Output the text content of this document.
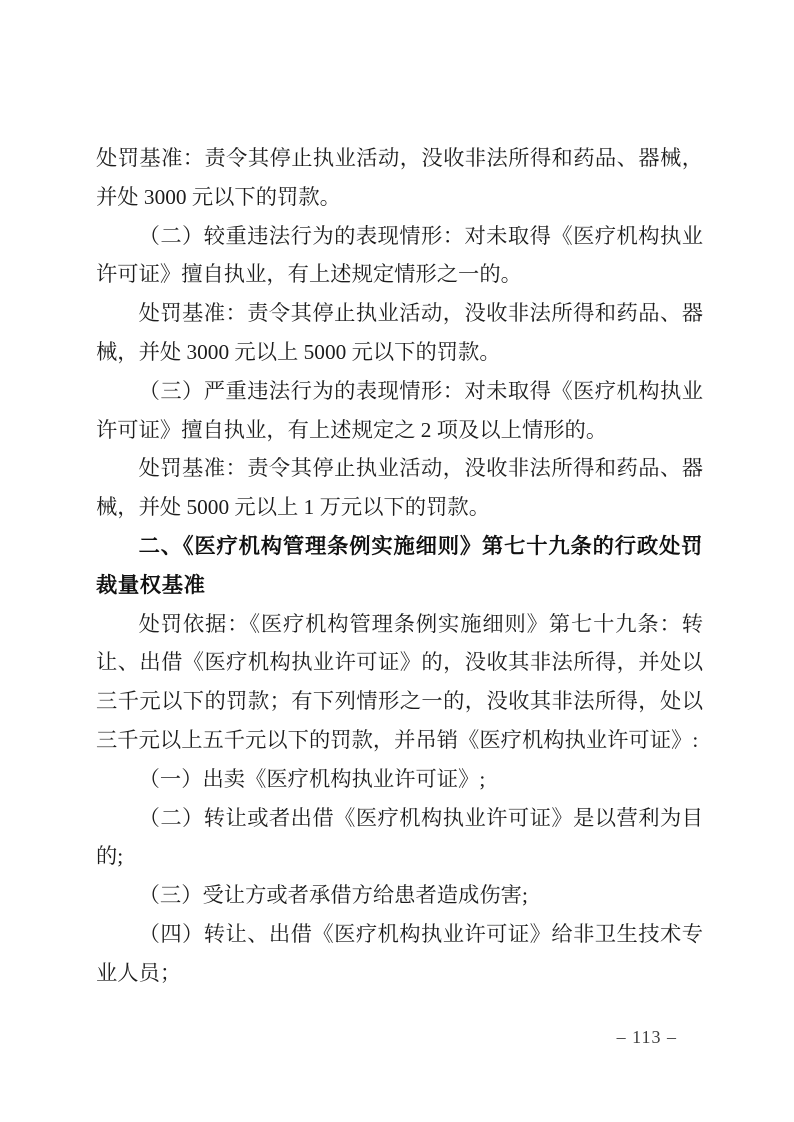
处罚基准：责令其停止执业活动，没收非法所得和药品、器械，并处 3000 元以下的罚款。

（二）较重违法行为的表现情形：对未取得《医疗机构执业许可证》擅自执业，有上述规定情形之一的。

处罚基准：责令其停止执业活动，没收非法所得和药品、器械，并处 3000 元以上 5000 元以下的罚款。

（三）严重违法行为的表现情形：对未取得《医疗机构执业许可证》擅自执业，有上述规定之 2 项及以上情形的。

处罚基准：责令其停止执业活动，没收非法所得和药品、器械，并处 5000 元以上 1 万元以下的罚款。

二、《医疗机构管理条例实施细则》第七十九条的行政处罚裁量权基准

处罚依据：《医疗机构管理条例实施细则》第七十九条：转让、出借《医疗机构执业许可证》的，没收其非法所得，并处以三千元以下的罚款；有下列情形之一的，没收其非法所得，处以三千元以上五千元以下的罚款，并吊销《医疗机构执业许可证》:

（一）出卖《医疗机构执业许可证》;

（二）转让或者出借《医疗机构执业许可证》是以营利为目的;

（三）受让方或者承借方给患者造成伤害;

（四）转让、出借《医疗机构执业许可证》给非卫生技术专业人员；

– 113 –
